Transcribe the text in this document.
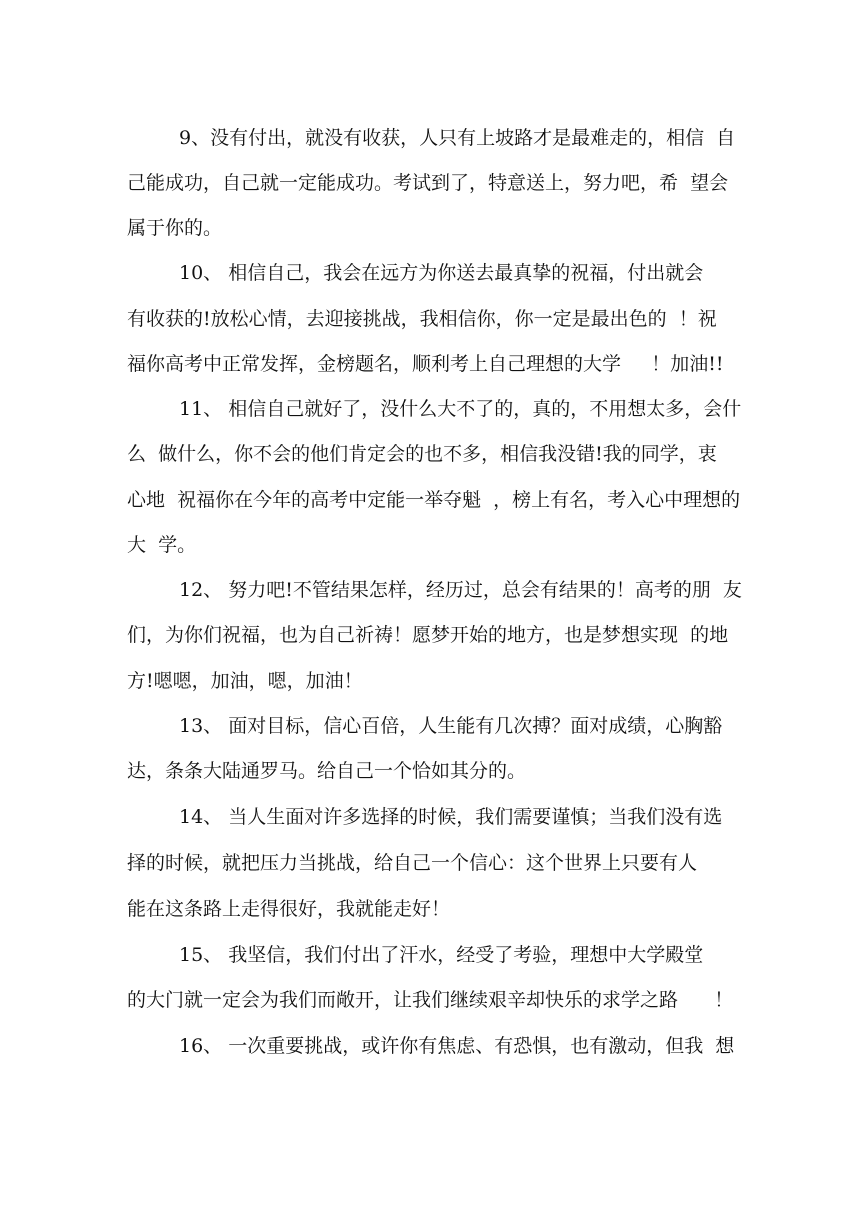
9、没有付出，就没有收获，人只有上坡路才是最难走的，相信  自
己能成功，自己就一定能成功。考试到了，特意送上，努力吧，希  望会
属于你的。
10、 相信自己，我会在远方为你送去最真挚的祝福，付出就会
有收获的!放松心情，去迎接挑战，我相信你，你一定是最出色的  ！祝
福你高考中正常发挥，金榜题名，顺利考上自己理想的大学     ！加油!!
11、 相信自己就好了，没什么大不了的，真的，不用想太多，会什
么  做什么，你不会的他们肯定会的也不多，相信我没错!我的同学，衷
心地  祝福你在今年的高考中定能一举夺魁  ，榜上有名，考入心中理想的
大  学。
12、 努力吧!不管结果怎样，经历过，总会有结果的！高考的朋  友
们，为你们祝福，也为自己祈祷！愿梦开始的地方，也是梦想实现  的地
方!嗯嗯，加油，嗯，加油！
13、 面对目标，信心百倍，人生能有几次搏？面对成绩，心胸豁
达，条条大陆通罗马。给自己一个恰如其分的。
14、 当人生面对许多选择的时候，我们需要谨慎；当我们没有选
择的时候，就把压力当挑战，给自己一个信心：这个世界上只要有人
能在这条路上走得很好，我就能走好！
15、 我坚信，我们付出了汗水，经受了考验，理想中大学殿堂
的大门就一定会为我们而敞开，让我们继续艰辛却快乐的求学之路      ！
16、 一次重要挑战，或许你有焦虑、有恐惧，也有激动，但我  想
